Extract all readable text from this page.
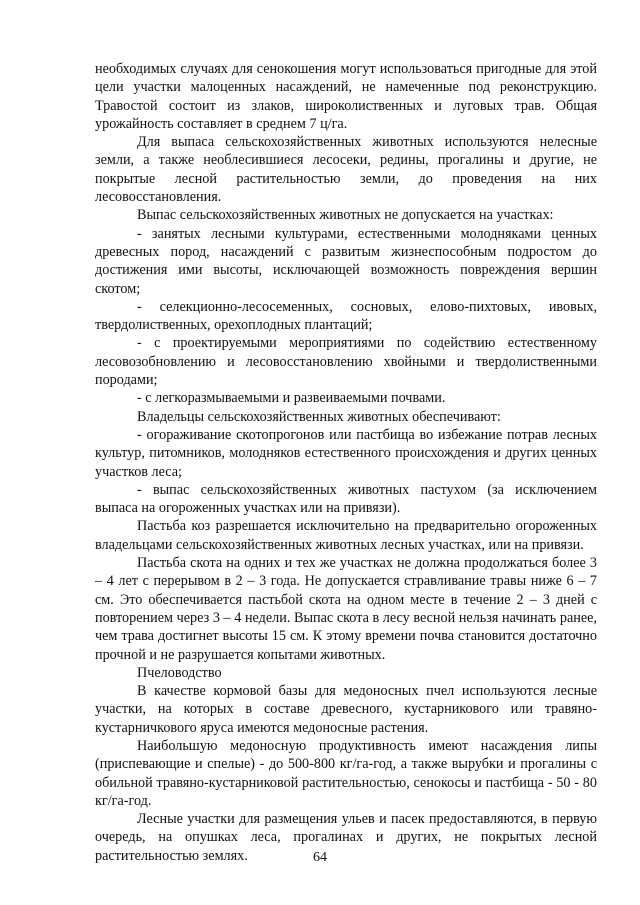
необходимых случаях для сенокошения могут использоваться пригодные для этой цели участки малоценных насаждений, не намеченные под реконструкцию. Травостой состоит из злаков, широколиственных и луговых трав. Общая урожайность составляет в среднем 7 ц/га.

Для выпаса сельскохозяйственных животных используются нелесные земли, а также необлесившиеся лесосеки, редины, прогалины и другие, не покрытые лесной растительностью земли, до проведения на них лесовосстановления.

Выпас сельскохозяйственных животных не допускается на участках:

- занятых лесными культурами, естественными молодняками ценных древесных пород, насаждений с развитым жизнеспособным подростом до достижения ими высоты, исключающей возможность повреждения вершин скотом;

- селекционно-лесосеменных, сосновых, елово-пихтовых, ивовых, твердолиственных, орехоплодных плантаций;

- с проектируемыми мероприятиями по содействию естественному лесовозобновлению и лесовосстановлению хвойными и твердолиственными породами;

- с легкоразмываемыми и развеиваемыми почвами.

Владельцы сельскохозяйственных животных обеспечивают:

- огораживание скотопрогонов или пастбища во избежание потрав лесных культур, питомников, молодняков естественного происхождения и других ценных участков леса;

- выпас сельскохозяйственных животных пастухом (за исключением выпаса на огороженных участках или на привязи).

Пастьба коз разрешается исключительно на предварительно огороженных владельцами сельскохозяйственных животных лесных участках, или на привязи.

Пастьба скота на одних и тех же участках не должна продолжаться более 3 – 4 лет с перерывом в 2 – 3 года. Не допускается стравливание травы ниже 6 – 7 см. Это обеспечивается пастьбой скота на одном месте в течение 2 – 3 дней с повторением через 3 – 4 недели. Выпас скота в лесу весной нельзя начинать ранее, чем трава достигнет высоты 15 см. К этому времени почва становится достаточно прочной и не разрушается копытами животных.

Пчеловодство

В качестве кормовой базы для медоносных пчел используются лесные участки, на которых в составе древесного, кустарникового или травяно-кустарничкового яруса имеются медоносные растения.

Наибольшую медоносную продуктивность имеют насаждения липы (приспевающие и спелые) - до 500-800 кг/га-год, а также вырубки и прогалины с обильной травяно-кустарниковой растительностью, сенокосы и пастбища - 50 - 80 кг/га-год.

Лесные участки для размещения ульев и пасек предоставляются, в первую очередь, на опушках леса, прогалинах и других, не покрытых лесной растительностью землях.	64
